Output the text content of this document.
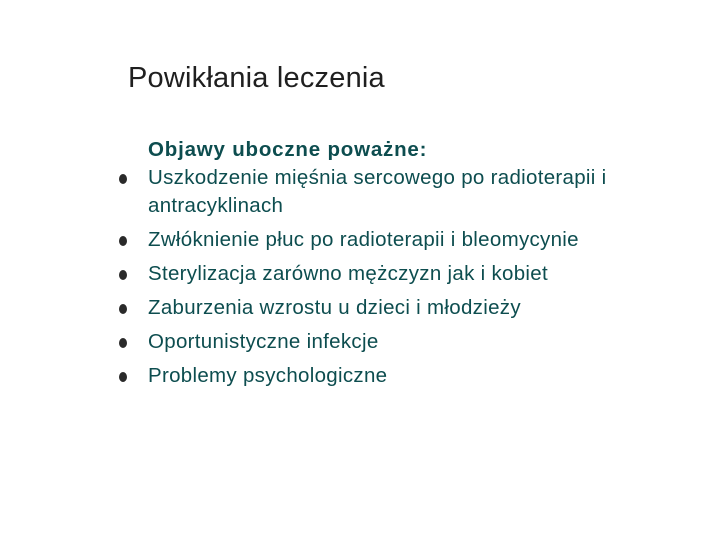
Powikłania leczenia
Objawy uboczne poważne:
Uszkodzenie mięśnia sercowego po radioterapii i antracyklinach
Zwłóknienie płuc po radioterapii i bleomycynie
Sterylizacja zarówno mężczyzn jak i kobiet
Zaburzenia wzrostu u dzieci i młodzieży
Oportunistyczne infekcje
Problemy psychologiczne
